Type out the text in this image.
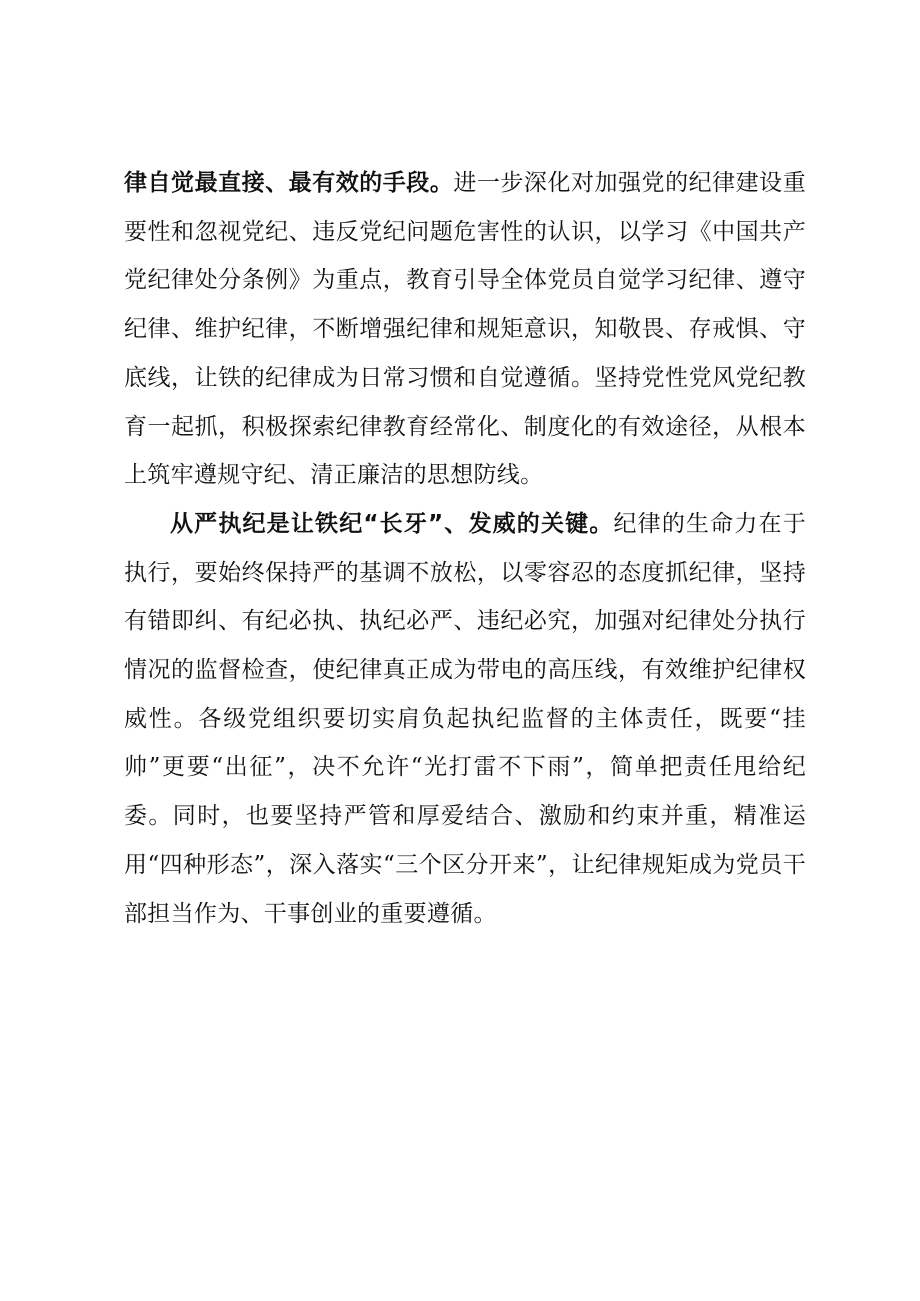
律自觉最直接、最有效的手段。进一步深化对加强党的纪律建设重要性和忽视党纪、违反党纪问题危害性的认识，以学习《中国共产党纪律处分条例》为重点，教育引导全体党员自觉学习纪律、遵守纪律、维护纪律，不断增强纪律和规矩意识，知敬畏、存戒惧、守底线，让铁的纪律成为日常习惯和自觉遵循。坚持党性党风党纪教育一起抓，积极探索纪律教育经常化、制度化的有效途径，从根本上筑牢遵规守纪、清正廉洁的思想防线。

从严执纪是让铁纪“长牙”、发威的关键。纪律的生命力在于执行，要始终保持严的基调不放松，以零容忍的态度抓纪律，坚持有错即纠、有纪必执、执纪必严、违纪必究，加强对纪律处分执行情况的监督检查，使纪律真正成为带电的高压线，有效维护纪律权威性。各级党组织要切实肩负起执纪监督的主体责任，既要“挂帅”更要“出征”，决不允许“光打雷不下雨”，简单把责任甩给纪委。同时，也要坚持严管和厚爱结合、激励和约束并重，精准运用“四种形态”，深入落实“三个区分开来”，让纪律规矩成为党员干部担当作为、干事创业的重要遵循。
